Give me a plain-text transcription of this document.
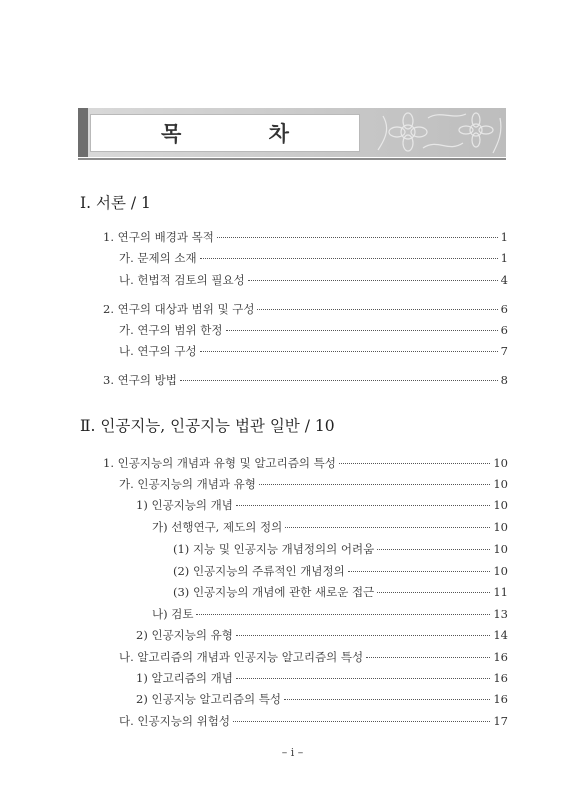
목 차
Ⅰ. 서론 / 1
1. 연구의 배경과 목적	1
가. 문제의 소재	1
나. 헌법적 검토의 필요성	4
2. 연구의 대상과 범위 및 구성	6
가. 연구의 범위 한정	6
나. 연구의 구성	7
3. 연구의 방법	8
Ⅱ. 인공지능, 인공지능 법관 일반 / 10
1. 인공지능의 개념과 유형 및 알고리즘의 특성	10
가. 인공지능의 개념과 유형	10
1) 인공지능의 개념	10
가) 선행연구, 제도의 정의	10
(1) 지능 및 인공지능 개념정의의 어려움	10
(2) 인공지능의 주류적인 개념정의	10
(3) 인공지능의 개념에 관한 새로운 접근	11
나) 검토	13
2) 인공지능의 유형	14
나. 알고리즘의 개념과 인공지능 알고리즘의 특성	16
1) 알고리즘의 개념	16
2) 인공지능 알고리즘의 특성	16
다. 인공지능의 위험성	17
– i –
